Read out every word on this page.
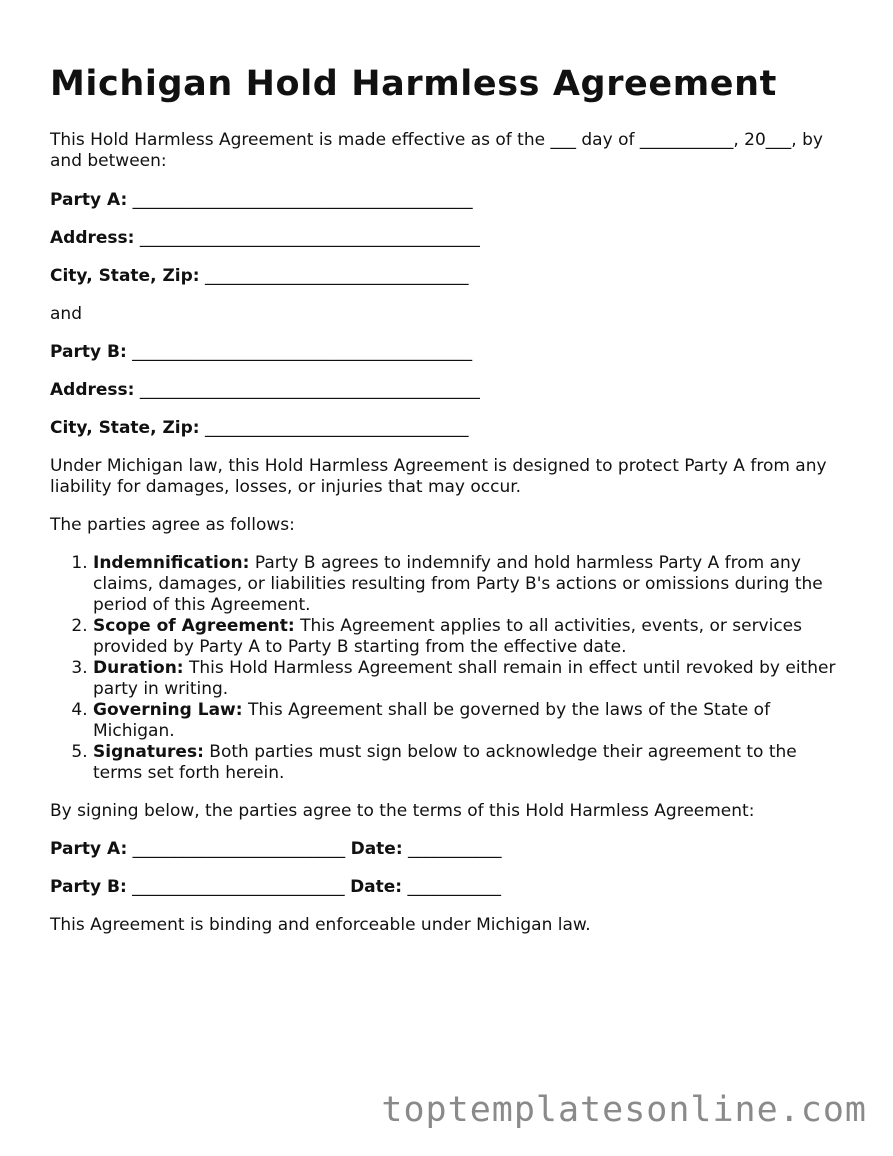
Michigan Hold Harmless Agreement

This Hold Harmless Agreement is made effective as of the ___ day of ___________, 20___, by and between:

Party A: ________________________________________

Address: ________________________________________

City, State, Zip: _______________________________

and

Party B: ________________________________________

Address: ________________________________________

City, State, Zip: _______________________________

Under Michigan law, this Hold Harmless Agreement is designed to protect Party A from any liability for damages, losses, or injuries that may occur.

The parties agree as follows:

1. Indemnification: Party B agrees to indemnify and hold harmless Party A from any claims, damages, or liabilities resulting from Party B's actions or omissions during the period of this Agreement.
2. Scope of Agreement: This Agreement applies to all activities, events, or services provided by Party A to Party B starting from the effective date.
3. Duration: This Hold Harmless Agreement shall remain in effect until revoked by either party in writing.
4. Governing Law: This Agreement shall be governed by the laws of the State of Michigan.
5. Signatures: Both parties must sign below to acknowledge their agreement to the terms set forth herein.

By signing below, the parties agree to the terms of this Hold Harmless Agreement:

Party A: _________________________ Date: ___________

Party B: _________________________ Date: ___________

This Agreement is binding and enforceable under Michigan law.

toptemplatesonline.com
